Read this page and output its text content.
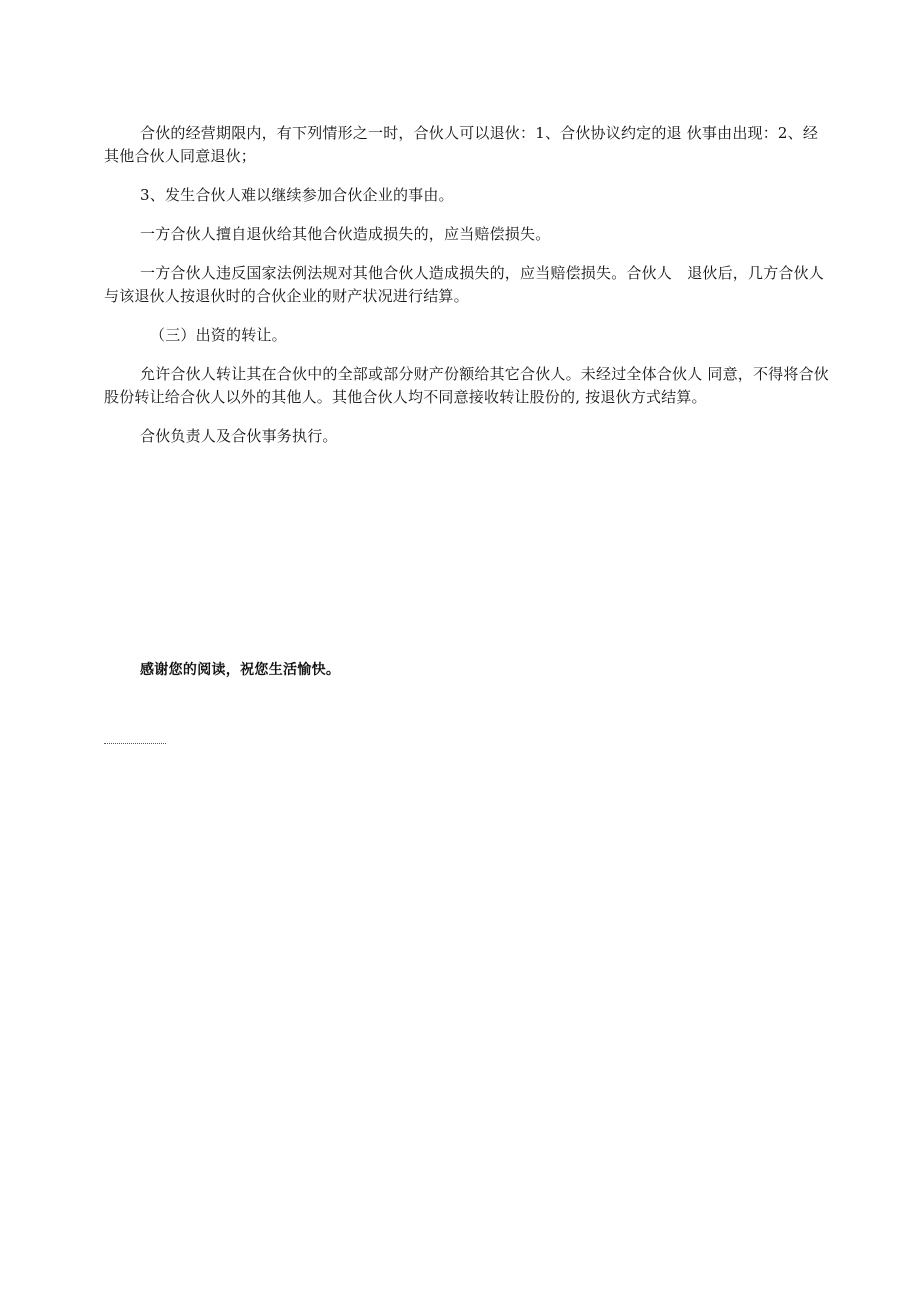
合伙的经营期限内，有下列情形之一时，合伙人可以退伙：1、合伙协议约定的退 伙事由出现：2、经其他合伙人同意退伙；

3、发生合伙人难以继续参加合伙企业的事由。

一方合伙人擅自退伙给其他合伙造成损失的，应当赔偿损失。

一方合伙人违反国家法例法规对其他合伙人造成损失的，应当赔偿损失。合伙人　退伙后，几方合伙人与该退伙人按退伙时的合伙企业的财产状况进行结算。

（三）出资的转让。

允许合伙人转让其在合伙中的全部或部分财产份额给其它合伙人。未经过全体合伙人 同意，不得将合伙股份转让给合伙人以外的其他人。其他合伙人均不同意接收转让股份的, 按退伙方式结算。

合伙负责人及合伙事务执行。

感谢您的阅读，祝您生活愉快。
